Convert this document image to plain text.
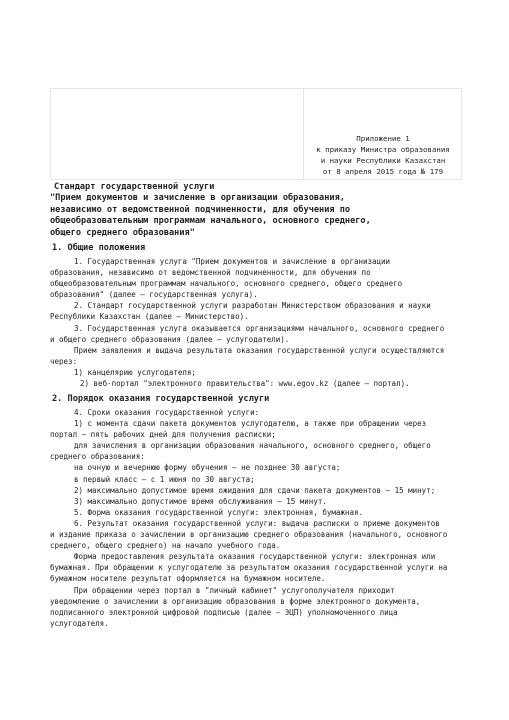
Приложение 1
к приказу Министра образования
и науки Республики Казахстан
от 8 апреля 2015 года № 179
Стандарт государственной услуги
"Прием документов и зачисление в организации образования,
независимо от ведомственной подчиненности, для обучения по
общеобразовательным программам начального, основного среднего,
общего среднего образования"
1. Общие положения
1. Государственная услуга "Прием документов и зачисление в организации
образования, независимо от ведомственной подчиненности, для обучения по
общеобразовательным программам начального, основного среднего, общего среднего
образования" (далее – государственная услуга).
2. Стандарт государственной услуги разработан Министерством образования и науки
Республики Казахстан (далее – Министерство).
3. Государственная услуга оказывается организациями начального, основного среднего
и общего среднего образования (далее – услугодатели).
Прием заявления и выдача результата оказания государственной услуги осуществляются
через:
1) канцелярию услугодателя;
2) веб-портал "электронного правительства": www.egov.kz (далее – портал).
2. Порядок оказания государственной услуги
4. Сроки оказания государственной услуги:
1) с момента сдачи пакета документов услугодателю, а также при обращении через
портал – пять рабочих дней для получения расписки;
для зачисления в организации образования начального, основного среднего, общего
среднего образования:
на очную и вечернюю форму обучения – не позднее 30 августа;
в первый класс – с 1 июня по 30 августа;
2) максимально допустимое время ожидания для сдачи пакета документов – 15 минут;
3) максимально допустимое время обслуживания – 15 минут.
5. Форма оказания государственной услуги: электронная, бумажная.
6. Результат оказания государственной услуги: выдача расписки о приеме документов
и издание приказа о зачислении в организацию среднего образования (начального, основного
среднего, общего среднего) на начало учебного года.
Форма предоставления результата оказания государственной услуги: электронная или
бумажная. При обращении к услугодателю за результатом оказания государственной услуги на
бумажном носителе результат оформляется на бумажном носителе.
При обращении через портал в "личный кабинет" услугополучателя приходит
уведомление о зачислении в организацию образования в форме электронного документа,
подписанного электронной цифровой подписью (далее – ЭЦП) уполномоченного лица
услугодателя.
